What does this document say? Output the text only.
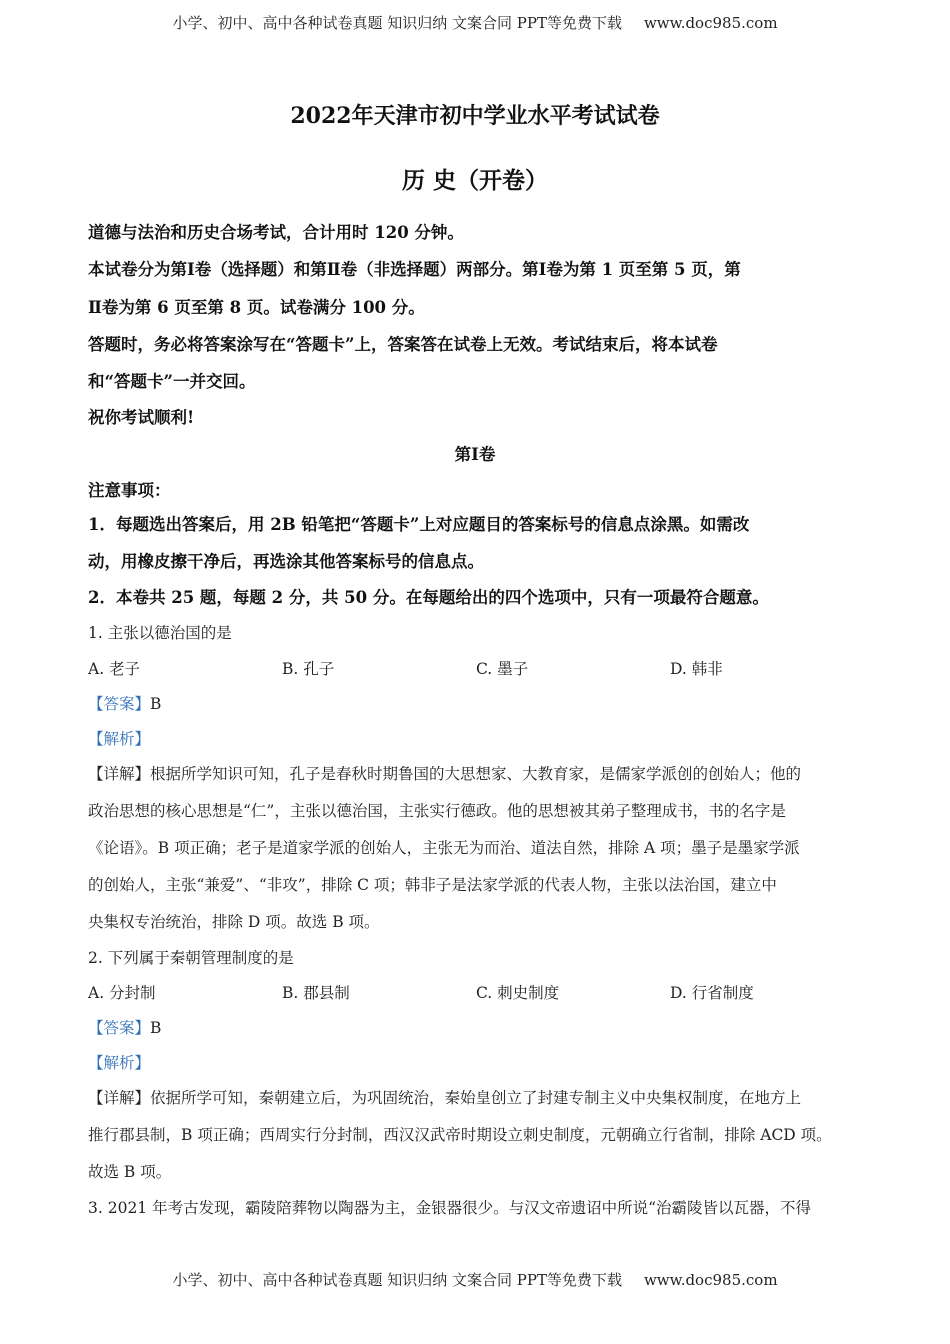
小学、初中、高中各种试卷真题 知识归纳 文案合同 PPT等免费下载 www.doc985.com
2022年天津市初中学业水平考试试卷
历 史（开卷）
道德与法治和历史合场考试，合计用时 120 分钟。
本试卷分为第Ⅰ卷（选择题）和第Ⅱ卷（非选择题）两部分。第Ⅰ卷为第 1 页至第 5 页，第
Ⅱ卷为第 6 页至第 8 页。试卷满分 100 分。
答题时，务必将答案涂写在“答题卡”上，答案答在试卷上无效。考试结束后，将本试卷
和“答题卡”一并交回。
祝你考试顺利!
第Ⅰ卷
注意事项：
1．每题选出答案后，用 2B 铅笔把“答题卡”上对应题目的答案标号的信息点涂黑。如需改
动，用橡皮擦干净后，再选涂其他答案标号的信息点。
2．本卷共 25 题，每题 2 分，共 50 分。在每题给出的四个选项中，只有一项最符合题意。
1. 主张以德治国的是
A. 老子	B. 孔子	C. 墨子	D. 韩非
【答案】B
【解析】
【详解】根据所学知识可知，孔子是春秋时期鲁国的大思想家、大教育家，是儒家学派创的创始人；他的
政治思想的核心思想是“仁”，主张以德治国，主张实行德政。他的思想被其弟子整理成书，书的名字是
《论语》。B 项正确；老子是道家学派的创始人，主张无为而治、道法自然，排除 A 项；墨子是墨家学派
的创始人，主张“兼爱”、“非攻”，排除 C 项；韩非子是法家学派的代表人物，主张以法治国，建立中
央集权专治统治，排除 D 项。故选 B 项。
2. 下列属于秦朝管理制度的是
A. 分封制	B. 郡县制	C. 刺史制度	D. 行省制度
【答案】B
【解析】
【详解】依据所学可知，秦朝建立后，为巩固统治，秦始皇创立了封建专制主义中央集权制度，在地方上
推行郡县制，B 项正确；西周实行分封制，西汉汉武帝时期设立刺史制度，元朝确立行省制，排除 ACD 项。
故选 B 项。
3. 2021 年考古发现，霸陵陪葬物以陶器为主，金银器很少。与汉文帝遗诏中所说“治霸陵皆以瓦器，不得
小学、初中、高中各种试卷真题 知识归纳 文案合同 PPT等免费下载 www.doc985.com
